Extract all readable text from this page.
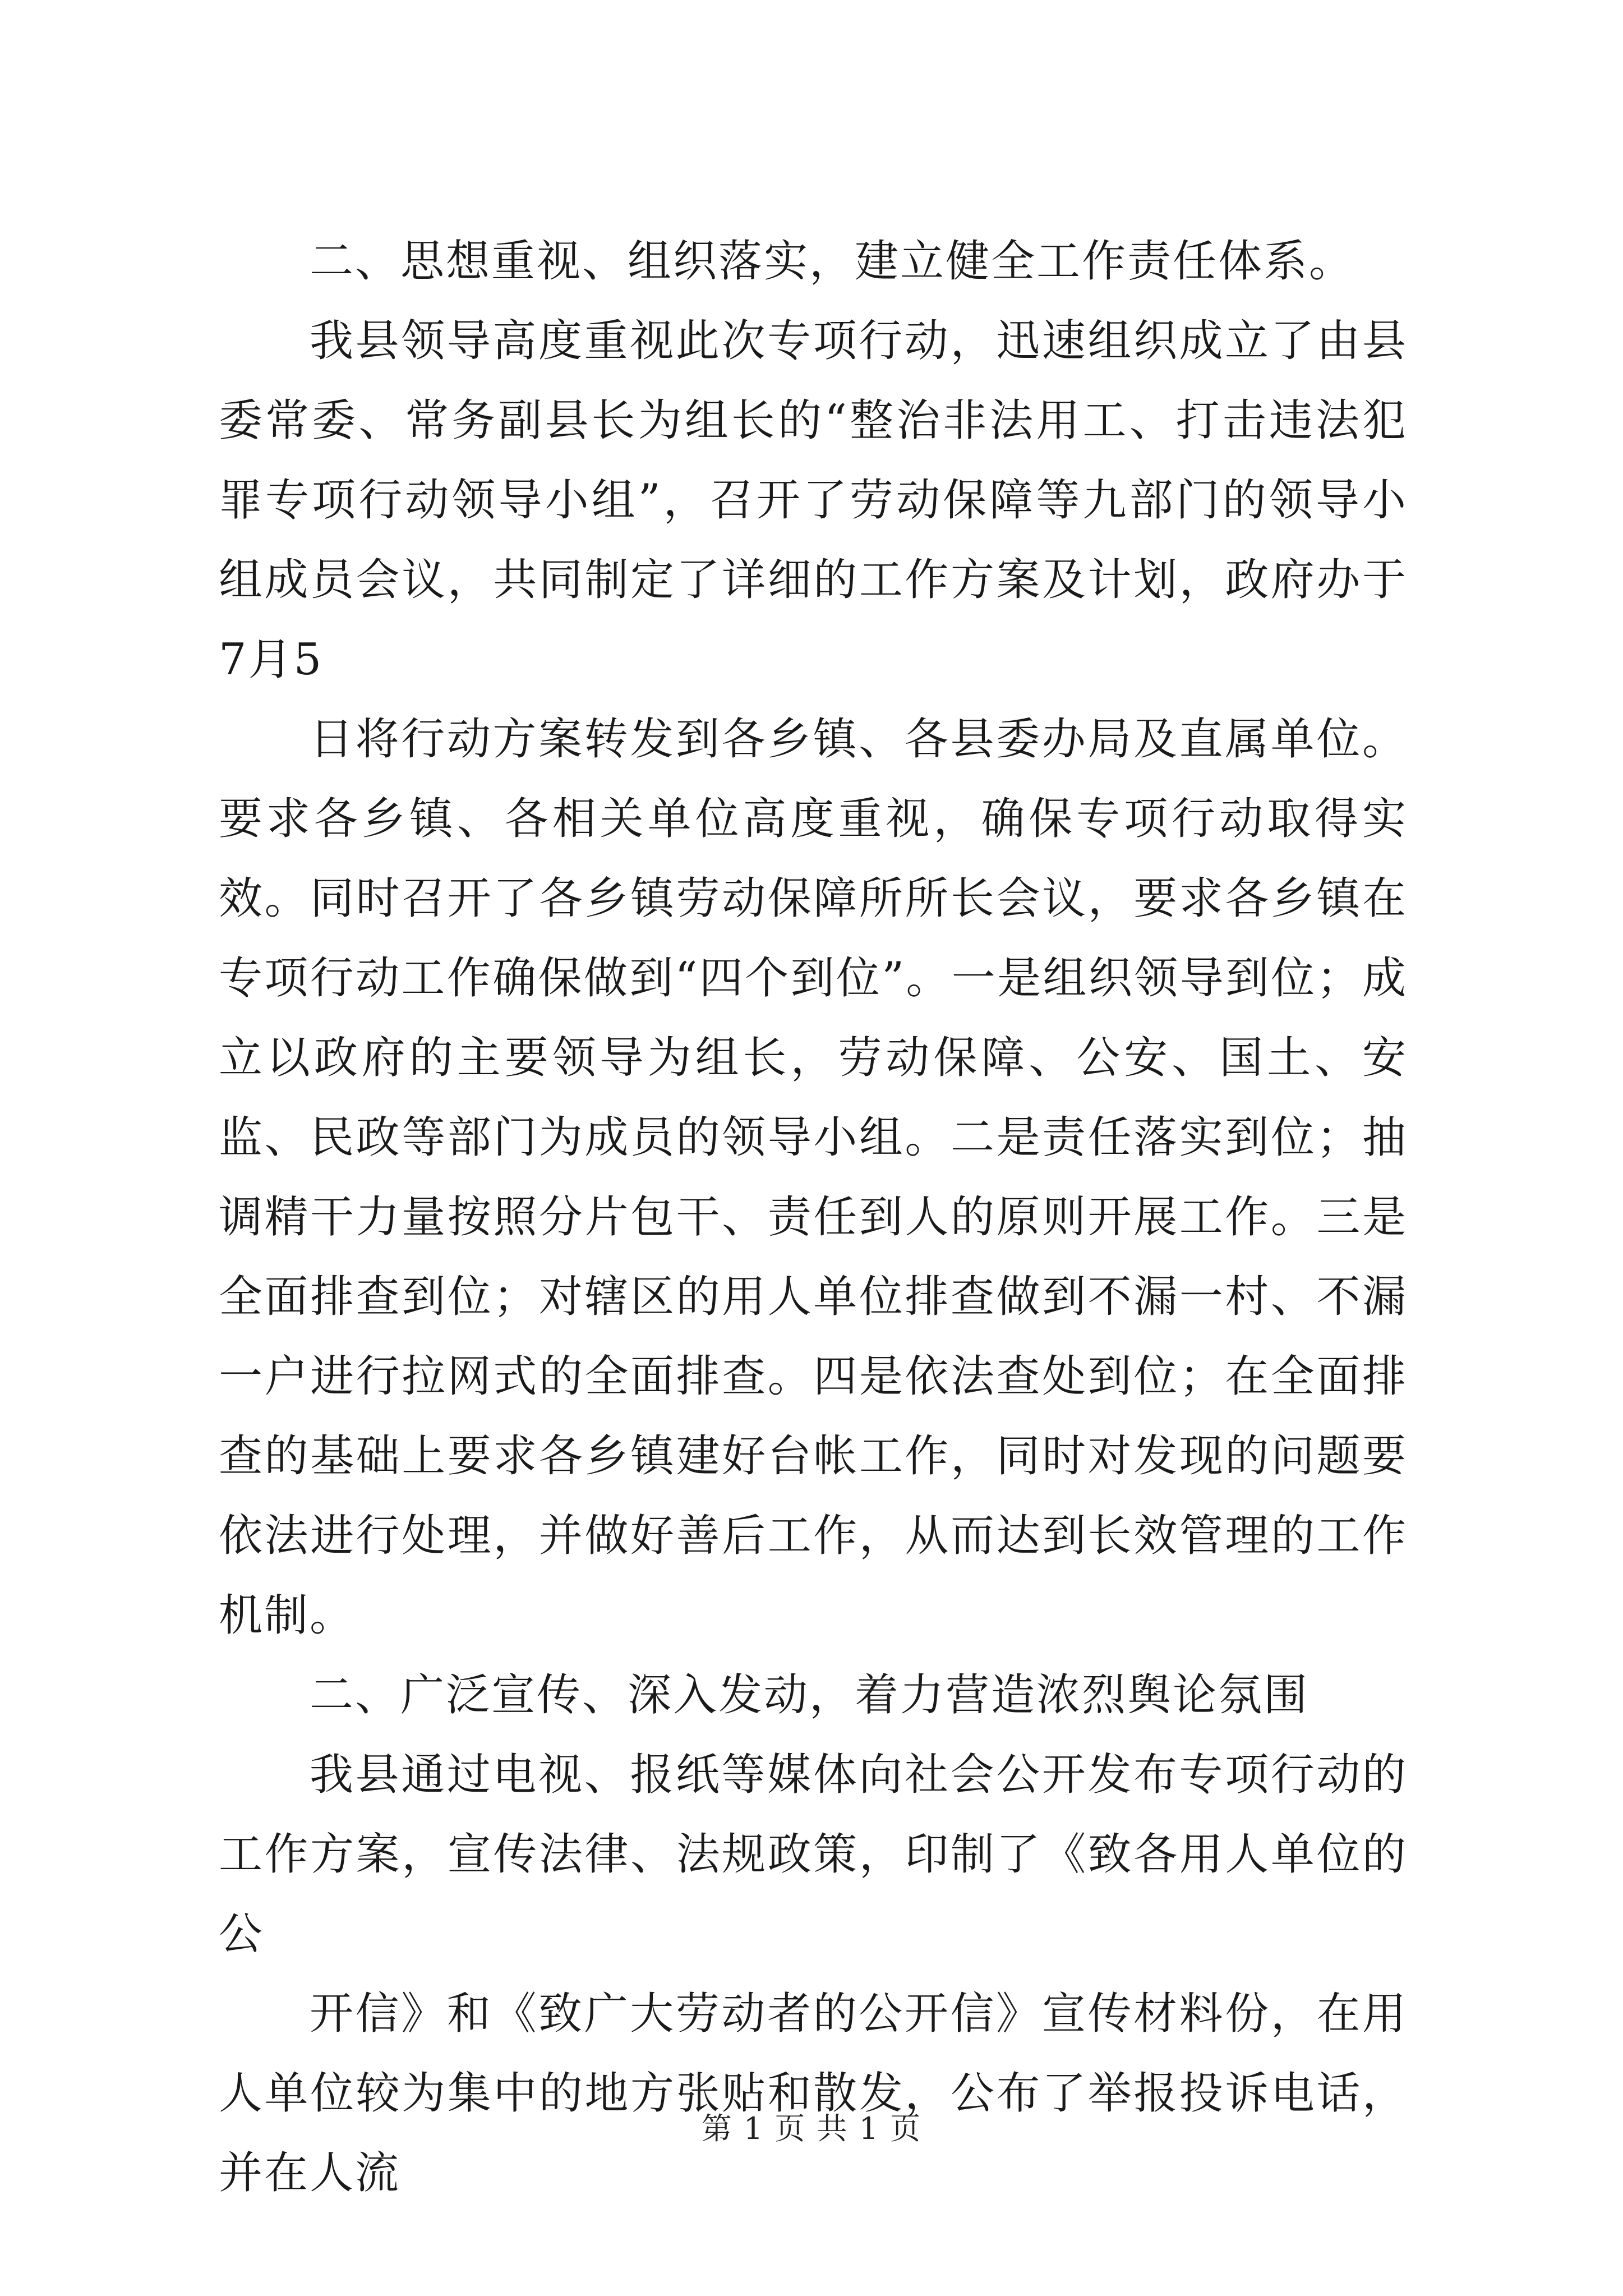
二、思想重视、组织落实，建立健全工作责任体系。

我县领导高度重视此次专项行动，迅速组织成立了由县委常委、常务副县长为组长的“整治非法用工、打击违法犯罪专项行动领导小组”，召开了劳动保障等九部门的领导小组成员会议，共同制定了详细的工作方案及计划，政府办于7月5

日将行动方案转发到各乡镇、各县委办局及直属单位。要求各乡镇、各相关单位高度重视，确保专项行动取得实效。同时召开了各乡镇劳动保障所所长会议，要求各乡镇在专项行动工作确保做到“四个到位”。一是组织领导到位；成立以政府的主要领导为组长，劳动保障、公安、国土、安监、民政等部门为成员的领导小组。二是责任落实到位；抽调精干力量按照分片包干、责任到人的原则开展工作。三是全面排查到位；对辖区的用人单位排查做到不漏一村、不漏一户进行拉网式的全面排查。四是依法查处到位；在全面排查的基础上要求各乡镇建好台帐工作，同时对发现的问题要依法进行处理，并做好善后工作，从而达到长效管理的工作机制。

二、广泛宣传、深入发动，着力营造浓烈舆论氛围

我县通过电视、报纸等媒体向社会公开发布专项行动的工作方案，宣传法律、法规政策，印制了《致各用人单位的公

开信》和《致广大劳动者的公开信》宣传材料份，在用人单位较为集中的地方张贴和散发，公布了举报投诉电话，并在人流

第 1 页 共 1 页
